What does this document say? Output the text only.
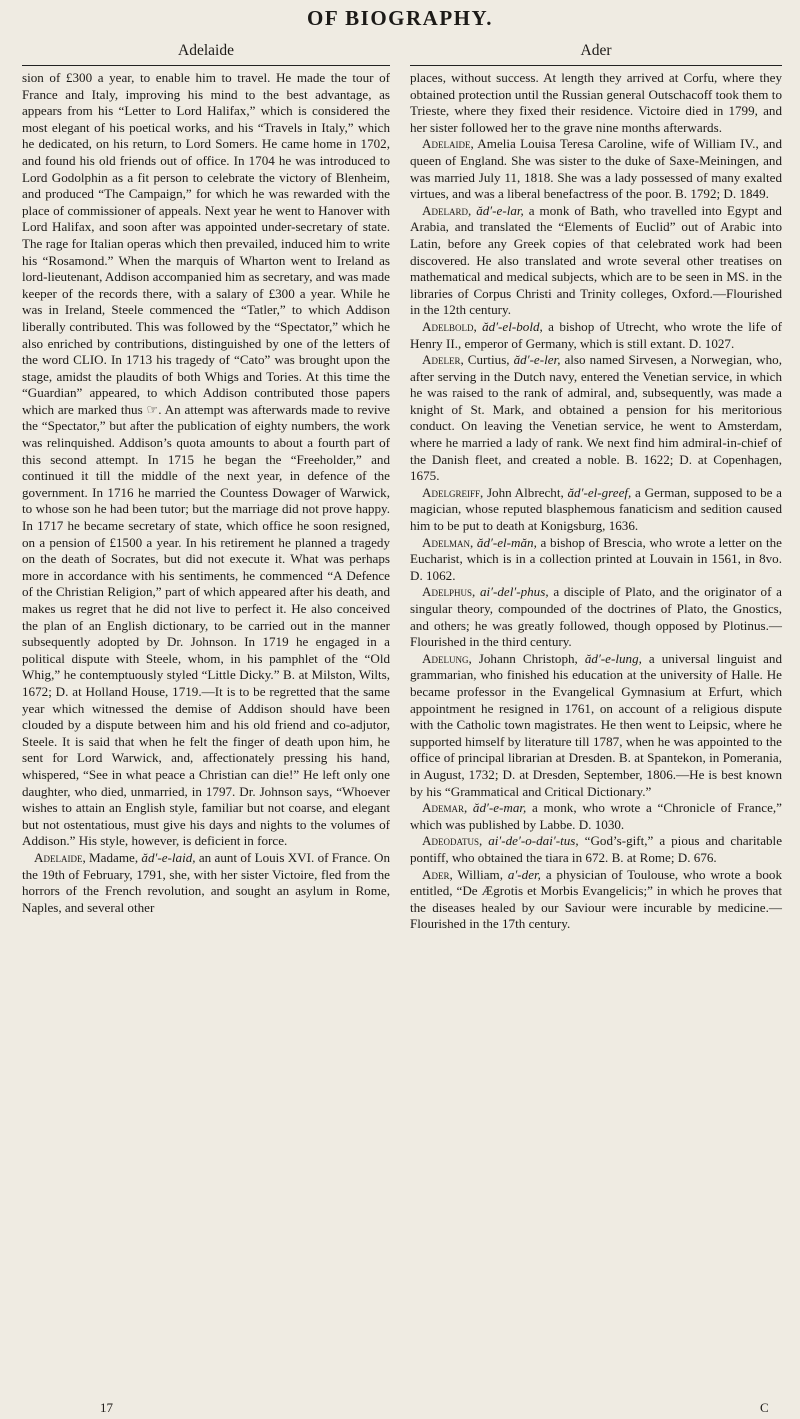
OF BIOGRAPHY.
Adelaide	Ader

sion of £300 a year, to enable him to travel. He made the tour of France and Italy, improving his mind to the best advantage, as appears from his “Letter to Lord Halifax,” which is considered the most elegant of his poetical works, and his “Travels in Italy,” which he dedicated, on his return, to Lord Somers. He came home in 1702, and found his old friends out of office. In 1704 he was introduced to Lord Godolphin as a fit person to celebrate the victory of Blenheim, and produced “The Campaign,” for which he was rewarded with the place of commissioner of appeals. Next year he went to Hanover with Lord Halifax, and soon after was appointed under-secretary of state. The rage for Italian operas which then prevailed, induced him to write his “Rosamond.” When the marquis of Wharton went to Ireland as lord-lieutenant, Addison accompanied him as secretary, and was made keeper of the records there, with a salary of £300 a year. While he was in Ireland, Steele commenced the “Tatler,” to which Addison liberally contributed. This was followed by the “Spectator,” which he also enriched by contributions, distinguished by one of the letters of the word CLIO. In 1713 his tragedy of “Cato” was brought upon the stage, amidst the plaudits of both Whigs and Tories. At this time the “Guardian” appeared, to which Addison contributed those papers which are marked thus ☞. An attempt was afterwards made to revive the “Spectator,” but after the publication of eighty numbers, the work was relinquished. Addison’s quota amounts to about a fourth part of this second attempt. In 1715 he began the “Freeholder,” and continued it till the middle of the next year, in defence of the government. In 1716 he married the Countess Dowager of Warwick, to whose son he had been tutor; but the marriage did not prove happy. In 1717 he became secretary of state, which office he soon resigned, on a pension of £1500 a year. In his retirement he planned a tragedy on the death of Socrates, but did not execute it. What was perhaps more in accordance with his sentiments, he commenced “A Defence of the Christian Religion,” part of which appeared after his death, and makes us regret that he did not live to perfect it. He also conceived the plan of an English dictionary, to be carried out in the manner subsequently adopted by Dr. Johnson. In 1719 he engaged in a political dispute with Steele, whom, in his pamphlet of the “Old Whig,” he contemptuously styled “Little Dicky.” B. at Milston, Wilts, 1672; D. at Holland House, 1719.—It is to be regretted that the same year which witnessed the demise of Addison should have been clouded by a dispute between him and his old friend and co-adjutor, Steele. It is said that when he felt the finger of death upon him, he sent for Lord Warwick, and, affectionately pressing his hand, whispered, “See in what peace a Christian can die!” He left only one daughter, who died, unmarried, in 1797. Dr. Johnson says, “Whoever wishes to attain an English style, familiar but not coarse, and elegant but not ostentatious, must give his days and nights to the volumes of Addison.” His style, however, is deficient in force.

Adelaide, Madame, ăd′-e-laid, an aunt of Louis XVI. of France. On the 19th of February, 1791, she, with her sister Victoire, fled from the horrors of the French revolution, and sought an asylum in Rome, Naples, and several other

places, without success. At length they arrived at Corfu, where they obtained protection until the Russian general Outschacoff took them to Trieste, where they fixed their residence. Victoire died in 1799, and her sister followed her to the grave nine months afterwards.

Adelaide, Amelia Louisa Teresa Caroline, wife of William IV., and queen of England. She was sister to the duke of Saxe-Meiningen, and was married July 11, 1818. She was a lady possessed of many exalted virtues, and was a liberal benefactress of the poor. B. 1792; D. 1849.

Adelard, ăd′-e-lar, a monk of Bath, who travelled into Egypt and Arabia, and translated the “Elements of Euclid” out of Arabic into Latin, before any Greek copies of that celebrated work had been discovered. He also translated and wrote several other treatises on mathematical and medical subjects, which are to be seen in MS. in the libraries of Corpus Christi and Trinity colleges, Oxford.—Flourished in the 12th century.

Adelbold, ăd′-el-bold, a bishop of Utrecht, who wrote the life of Henry II., emperor of Germany, which is still extant. D. 1027.

Adeler, Curtius, ăd′-e-ler, also named Sirvesen, a Norwegian, who, after serving in the Dutch navy, entered the Venetian service, in which he was raised to the rank of admiral, and, subsequently, was made a knight of St. Mark, and obtained a pension for his meritorious conduct. On leaving the Venetian service, he went to Amsterdam, where he married a lady of rank. We next find him admiral-in-chief of the Danish fleet, and created a noble. B. 1622; D. at Copenhagen, 1675.

Adelgreiff, John Albrecht, ăd′-el-greef, a German, supposed to be a magician, whose reputed blasphemous fanaticism and sedition caused him to be put to death at Konigsburg, 1636.

Adelman, ăd′-el-măn, a bishop of Brescia, who wrote a letter on the Eucharist, which is in a collection printed at Louvain in 1561, in 8vo. D. 1062.

Adelphus, ai′-del′-phus, a disciple of Plato, and the originator of a singular theory, compounded of the doctrines of Plato, the Gnostics, and others; he was greatly followed, though opposed by Plotinus.—Flourished in the third century.

Adelung, Johann Christoph, ăd′-e-lung, a universal linguist and grammarian, who finished his education at the university of Halle. He became professor in the Evangelical Gymnasium at Erfurt, which appointment he resigned in 1761, on account of a religious dispute with the Catholic town magistrates. He then went to Leipsic, where he supported himself by literature till 1787, when he was appointed to the office of principal librarian at Dresden. B. at Spantekon, in Pomerania, in August, 1732; D. at Dresden, September, 1806.—He is best known by his “Grammatical and Critical Dictionary.”

Ademar, ăd′-e-mar, a monk, who wrote a “Chronicle of France,” which was published by Labbe. D. 1030.

Adeodatus, ai′-de′-o-dai′-tus, “God’s-gift,” a pious and charitable pontiff, who obtained the tiara in 672. B. at Rome; D. 676.

Ader, William, a′-der, a physician of Toulouse, who wrote a book entitled, “De Ægrotis et Morbis Evangelicis;” in which he proves that the diseases healed by our Saviour were incurable by medicine.—Flourished in the 17th century.

17	C
